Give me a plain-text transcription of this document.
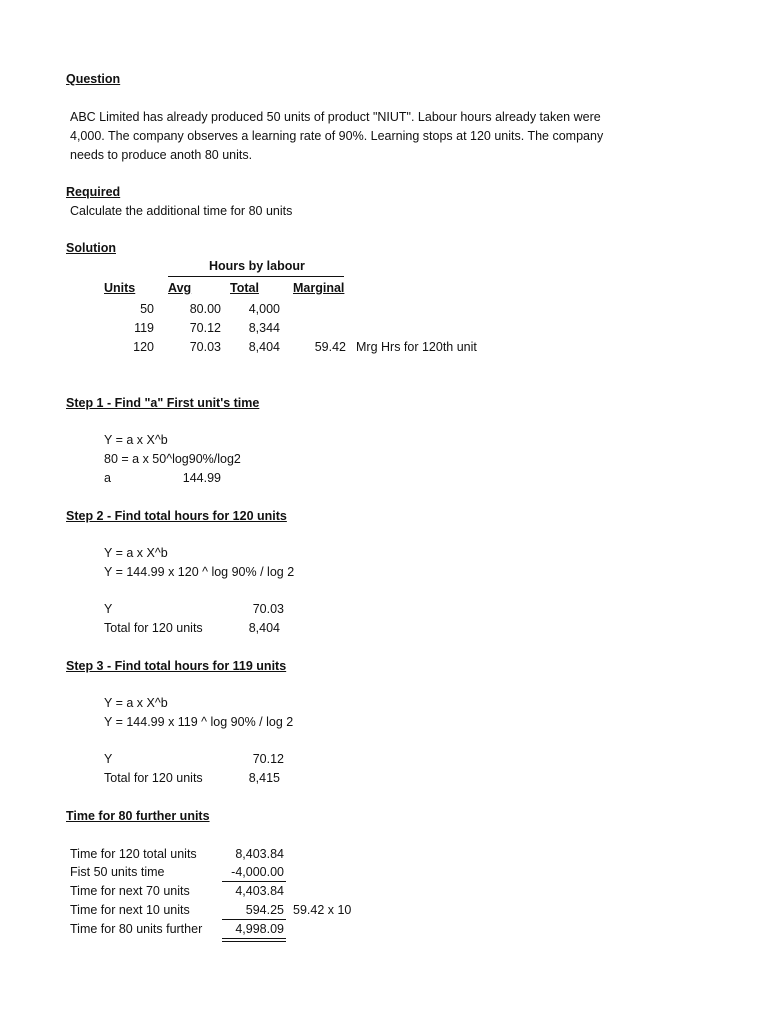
Question
ABC Limited has already produced 50 units of product "NIUT". Labour hours already taken were
4,000. The company observes a learning rate of 90%. Learning stops at 120 units. The company
needs to produce anoth 80 units.
Required
Calculate the additional time for 80 units
Solution
Hours by labour
Units	Avg	Total	Marginal
50	80.00	4,000
119	70.12	8,344
120	70.03	8,404	59.42 Mrg Hrs for 120th unit
Step 1 - Find "a" First unit's time
Y = a x X^b
80 = a x 50^log90%/log2
a	144.99
Step 2 - Find total hours for 120 units
Y = a x X^b
Y = 144.99 x 120 ^ log 90% / log 2
Y	70.03
Total for 120 units	8,404
Step 3 - Find total hours for 119 units
Y = a x X^b
Y = 144.99 x 119 ^ log 90% / log 2
Y	70.12
Total for 120 units	8,415
Time for 80 further units
Time for 120 total units	8,403.84
Fist 50 units time	-4,000.00
Time for next 70 units	4,403.84
Time for next 10 units	594.25 59.42 x 10
Time for 80 units further	4,998.09
